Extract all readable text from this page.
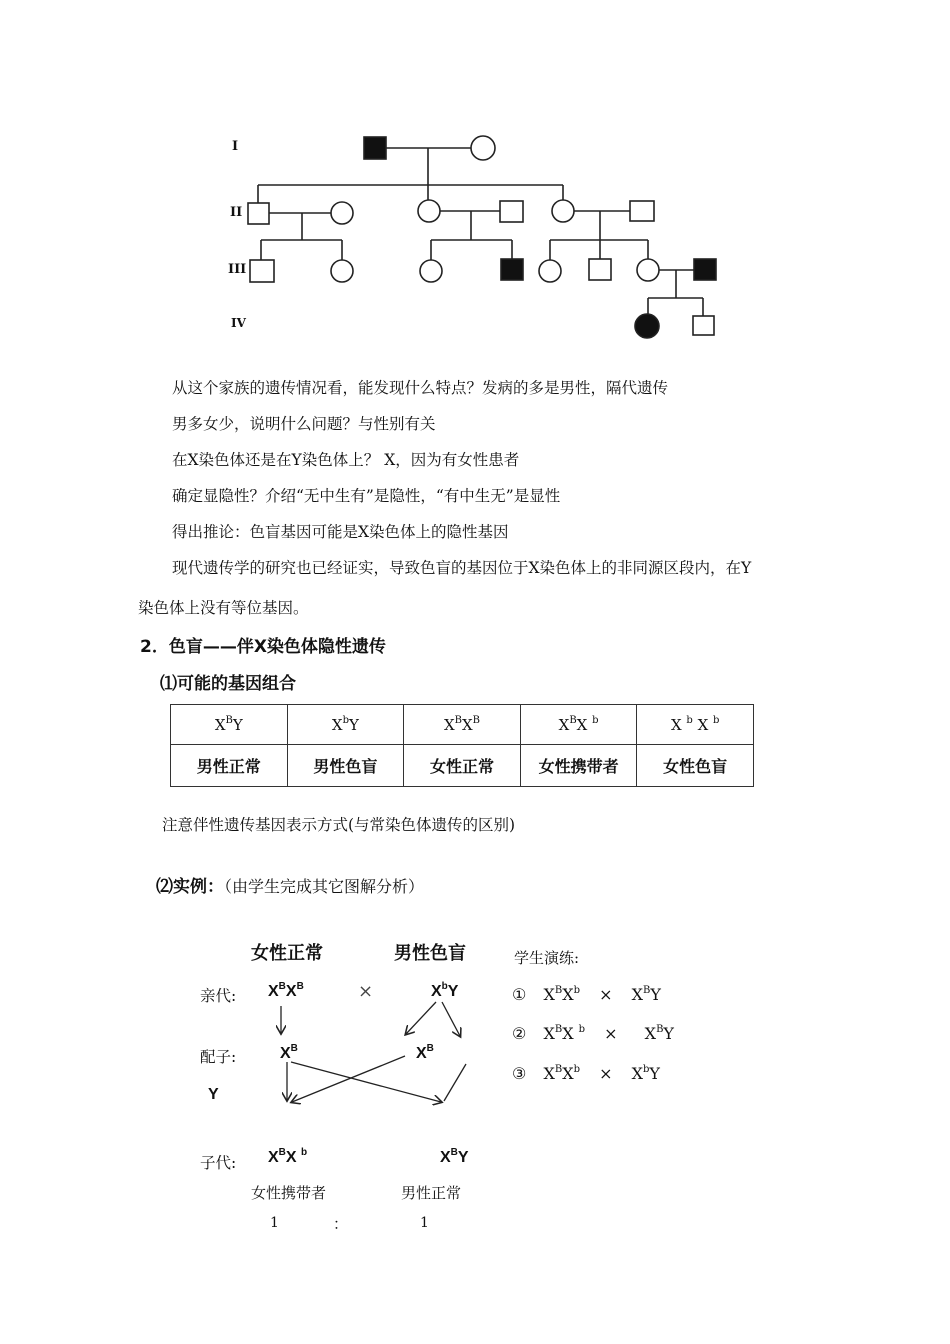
I
II
III
IV
从这个家族的遗传情况看，能发现什么特点？发病的多是男性，隔代遗传
男多女少，说明什么问题？与性别有关
在X染色体还是在Y染色体上？ X，因为有女性患者
确定显隐性？介绍“无中生有”是隐性，“有中生无”是显性
得出推论：色盲基因可能是X染色体上的隐性基因
现代遗传学的研究也已经证实，导致色盲的基因位于X染色体上的非同源区段内，在Y
染色体上没有等位基因。
2．色盲——伴X染色体隐性遗传
⑴可能的基因组合
$X^BY$	$X^bY$	$X^BX^B$	$X^BX$ $^b$	X $^b$ X $^b$
男性正常	男性色盲	女性正常	女性携带者	女性色盲
注意伴性遗传基因表示方式(与常染色体遗传的区别)
⑵实例：（由学生完成其它图解分析）
女性正常	男性色盲
亲代: $X^BX^B$	×	$X^bY$
配子:	$X^B$	$X^B$
Y
子代: $X^BX$ $^b$	$X^BY$
女性携带者	男性正常
1	：	1
学生演练:
① $X^BX^b \times X^BY$
② $X^BX$ $^b \times X^BY$
③ $X^BX^b \times X^bY$
